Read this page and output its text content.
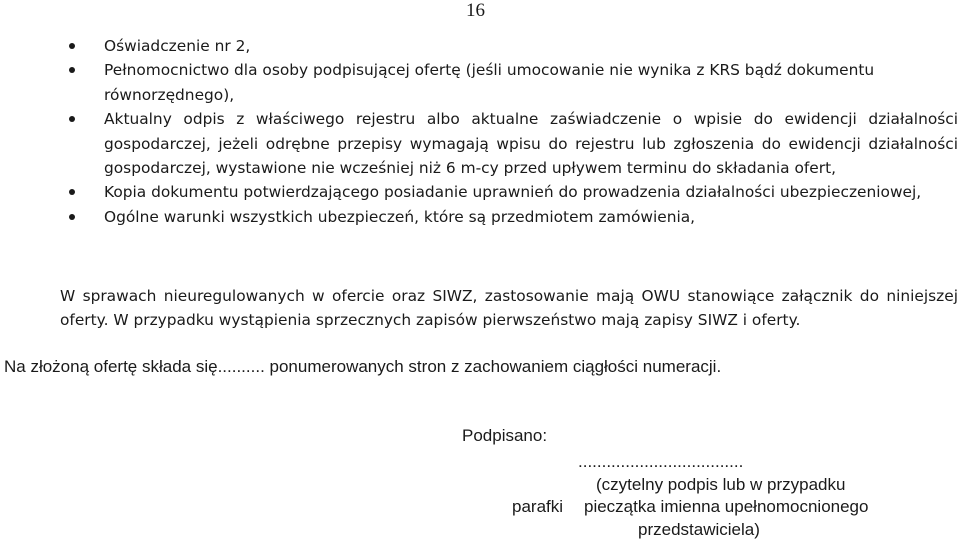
16
Oświadczenie nr 2,
Pełnomocnictwo dla osoby podpisującej ofertę (jeśli umocowanie nie wynika z KRS bądź dokumentu równorzędnego),
Aktualny odpis z właściwego rejestru albo aktualne zaświadczenie o wpisie do ewidencji działalności gospodarczej, jeżeli odrębne przepisy wymagają wpisu do rejestru lub zgłoszenia do ewidencji działalności gospodarczej, wystawione nie wcześniej niż 6 m-cy przed upływem terminu do składania ofert,
Kopia dokumentu potwierdzającego posiadanie uprawnień do prowadzenia działalności ubezpieczeniowej,
Ogólne warunki wszystkich ubezpieczeń, które są przedmiotem zamówienia,

W sprawach nieuregulowanych w ofercie oraz SIWZ, zastosowanie mają OWU stanowiące załącznik do niniejszej oferty. W przypadku wystąpienia sprzecznych zapisów pierwszeństwo mają zapisy SIWZ i oferty.

Na złożoną ofertę składa się.......... ponumerowanych stron z zachowaniem ciągłości numeracji.

Podpisano:
...................................
(czytelny podpis lub w przypadku
parafki pieczątka imienna upełnomocnionego
przedstawiciela)
